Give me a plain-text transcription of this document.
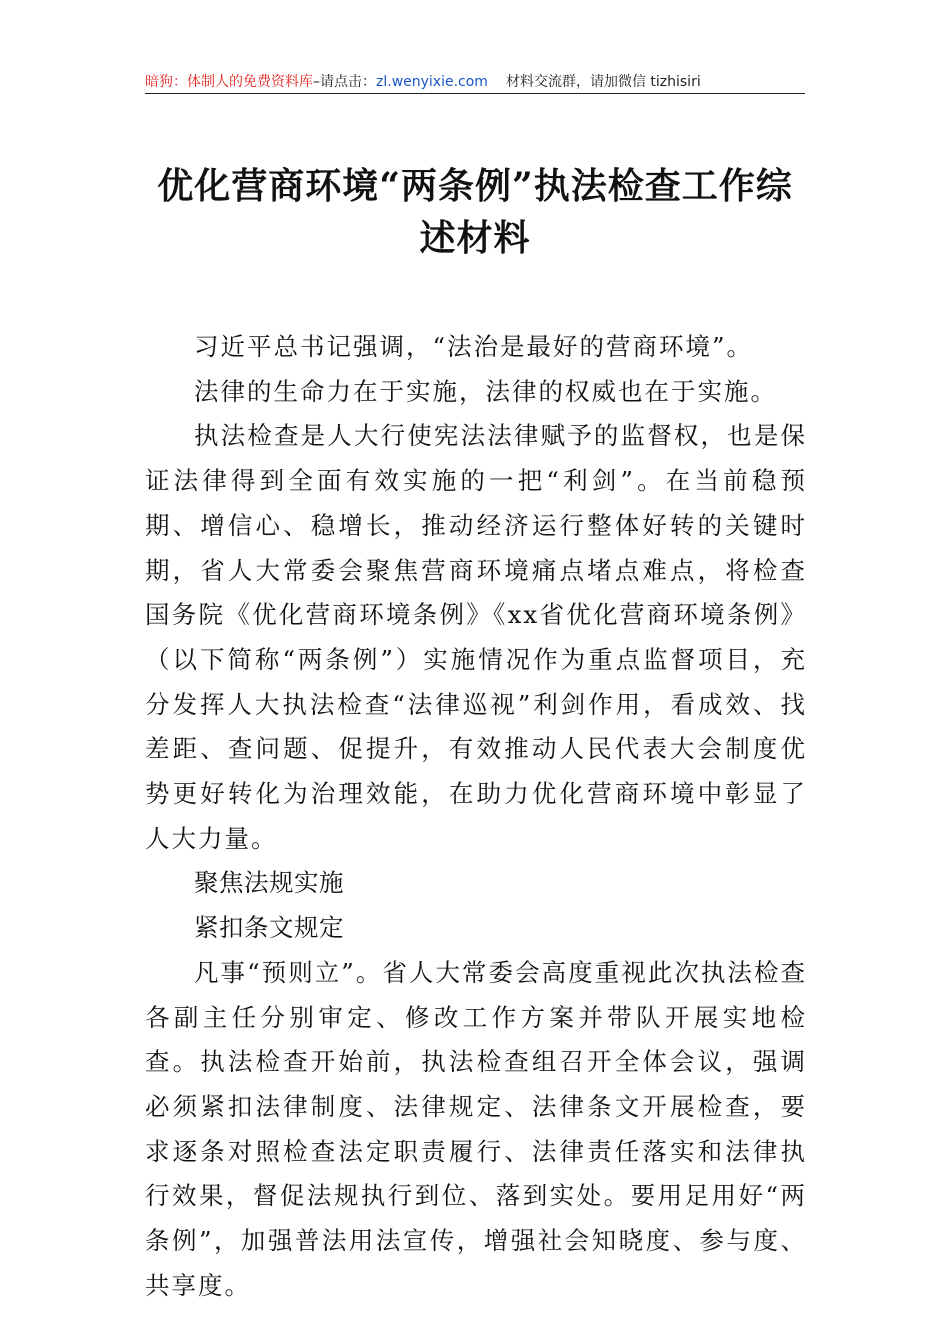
暗狗：体制人的免费资料库–请点击：zl.wenyixie.com 材料交流群，请加微信 tizhisiri
优化营商环境“两条例”执法检查工作综
述材料

习近平总书记强调，“法治是最好的营商环境”。

法律的生命力在于实施，法律的权威也在于实施。

执法检查是人大行使宪法法律赋予的监督权，也是保证法律得到全面有效实施的一把“利剑”。在当前稳预期、增信心、稳增长，推动经济运行整体好转的关键时期，省人大常委会聚焦营商环境痛点堵点难点，将检查国务院《优化营商环境条例》《xx省优化营商环境条例》（以下简称“两条例”）实施情况作为重点监督项目，充分发挥人大执法检查“法律巡视”利剑作用，看成效、找差距、查问题、促提升，有效推动人民代表大会制度优势更好转化为治理效能，在助力优化营商环境中彰显了人大力量。

聚焦法规实施

紧扣条文规定

凡事“预则立”。省人大常委会高度重视此次执法检查各副主任分别审定、修改工作方案并带队开展实地检查。执法检查开始前，执法检查组召开全体会议，强调必须紧扣法律制度、法律规定、法律条文开展检查，要求逐条对照检查法定职责履行、法律责任落实和法律执行效果，督促法规执行到位、落到实处。要用足用好“两条例”，加强普法用法宣传，增强社会知晓度、参与度、共享度。
